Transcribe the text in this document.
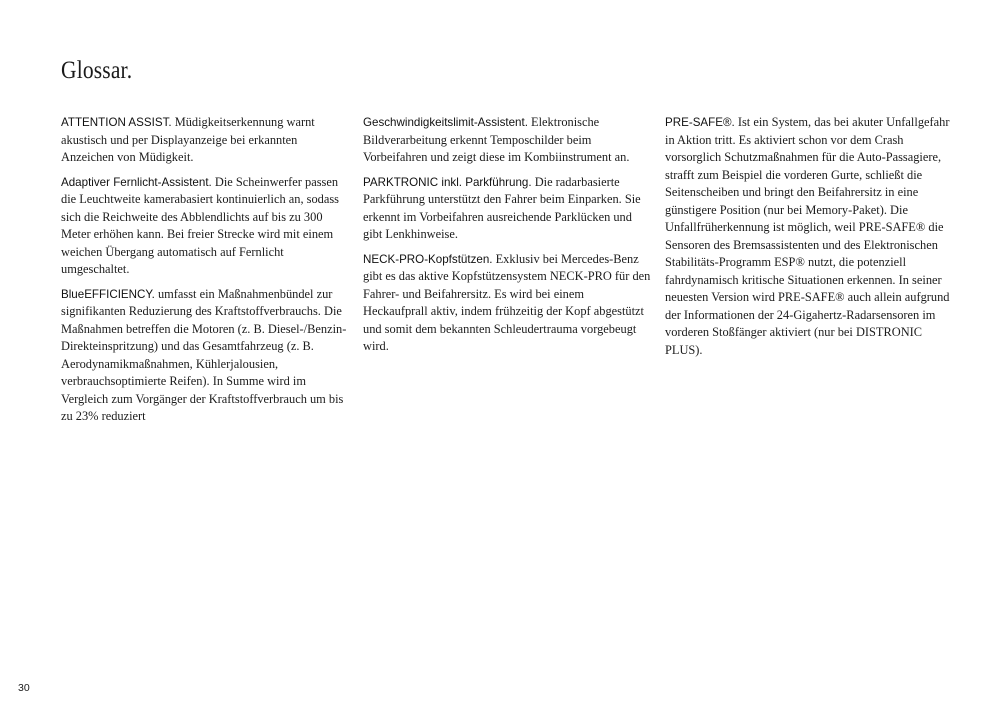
Glossar.

ATTENTION ASSIST. Müdigkeitserkennung warnt akustisch und per Displayanzeige bei erkannten Anzeichen von Müdigkeit.

Adaptiver Fernlicht-Assistent. Die Scheinwerfer passen die Leuchtweite kamerabasiert kontinuierlich an, sodass sich die Reichweite des Abblendlichts auf bis zu 300 Meter erhöhen kann. Bei freier Strecke wird mit einem weichen Übergang automatisch auf Fernlicht umgeschaltet.

BlueEFFICIENCY. umfasst ein Maßnahmenbündel zur signifikanten Reduzierung des Kraftstoffverbrauchs. Die Maßnahmen betreffen die Motoren (z. B. Diesel-/Benzin-Direkteinspritzung) und das Gesamtfahrzeug (z. B. Aerodynamikmaßnahmen, Kühlerjalousien, verbrauchsoptimierte Reifen). In Summe wird im Vergleich zum Vorgänger der Kraftstoffverbrauch um bis zu 23% reduziert

Geschwindigkeitslimit-Assistent. Elektronische Bildverarbeitung erkennt Temposchilder beim Vorbeifahren und zeigt diese im Kombiinstrument an.

PARKTRONIC inkl. Parkführung. Die radarbasierte Parkführung unterstützt den Fahrer beim Einparken. Sie erkennt im Vorbeifahren ausreichende Parklücken und gibt Lenkhinweise.

NECK-PRO-Kopfstützen. Exklusiv bei Mercedes-Benz gibt es das aktive Kopfstützensystem NECK-PRO für den Fahrer- und Beifahrersitz. Es wird bei einem Heckaufprall aktiv, indem frühzeitig der Kopf abgestützt und somit dem bekannten Schleudertrauma vorgebeugt wird.

PRE-SAFE®. Ist ein System, das bei akuter Unfallgefahr in Aktion tritt. Es aktiviert schon vor dem Crash vorsorglich Schutzmaßnahmen für die Auto-Passagiere, strafft zum Beispiel die vorderen Gurte, schließt die Seitenscheiben und bringt den Beifahrersitz in eine günstigere Position (nur bei Memory-Paket). Die Unfallfrüherkennung ist möglich, weil PRE-SAFE® die Sensoren des Bremsassistenten und des Elektronischen Stabilitäts-Programm ESP® nutzt, die potenziell fahrdynamisch kritische Situationen erkennen. In seiner neuesten Version wird PRE-SAFE® auch allein aufgrund der Informationen der 24-Gigahertz-Radarsensoren im vorderen Stoßfänger aktiviert (nur bei DISTRONIC PLUS).

30
